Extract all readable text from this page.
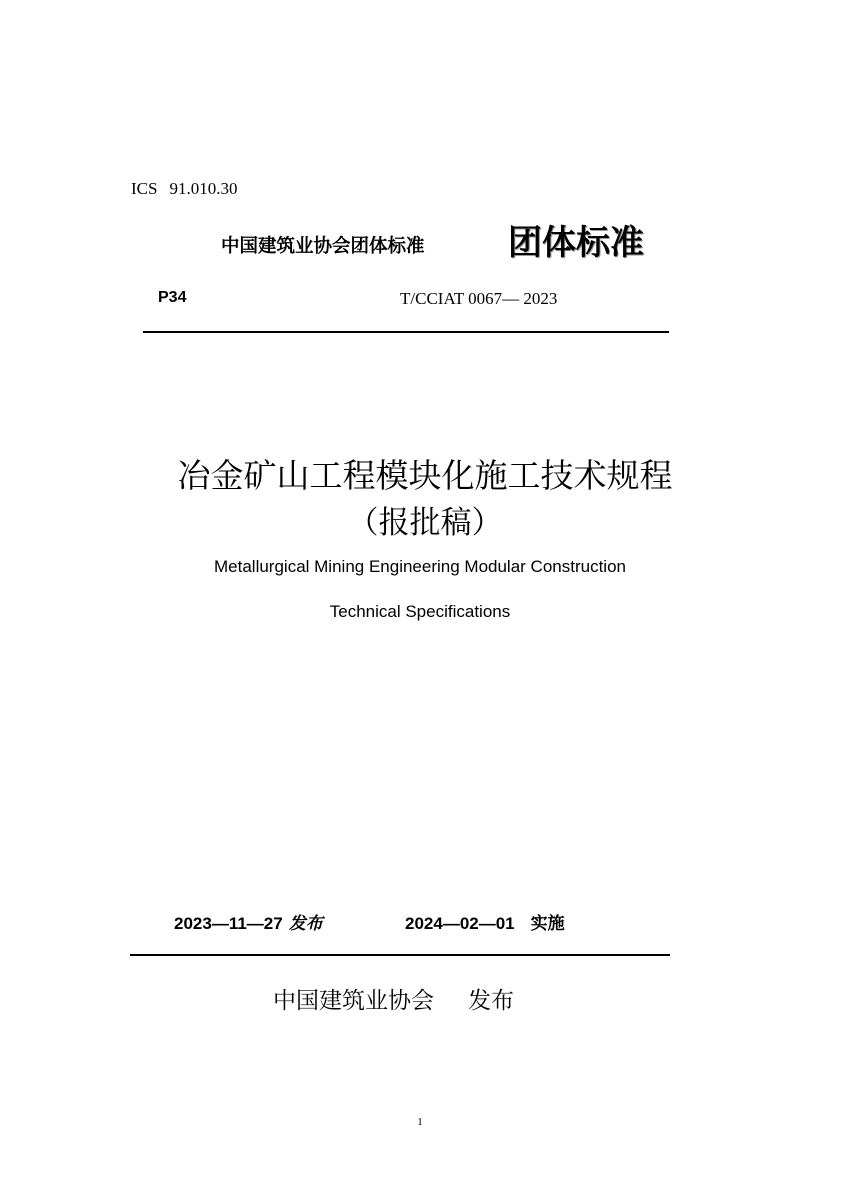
ICS 91.010.30
中国建筑业协会团体标准 团体标准
P34	T/CCIAT 0067— 2023
冶金矿山工程模块化施工技术规程
（报批稿）
Metallurgical Mining Engineering Modular Construction
Technical Specifications
2023—11—27 发布	2024—02—01 实施
中国建筑业协会 发布
1
